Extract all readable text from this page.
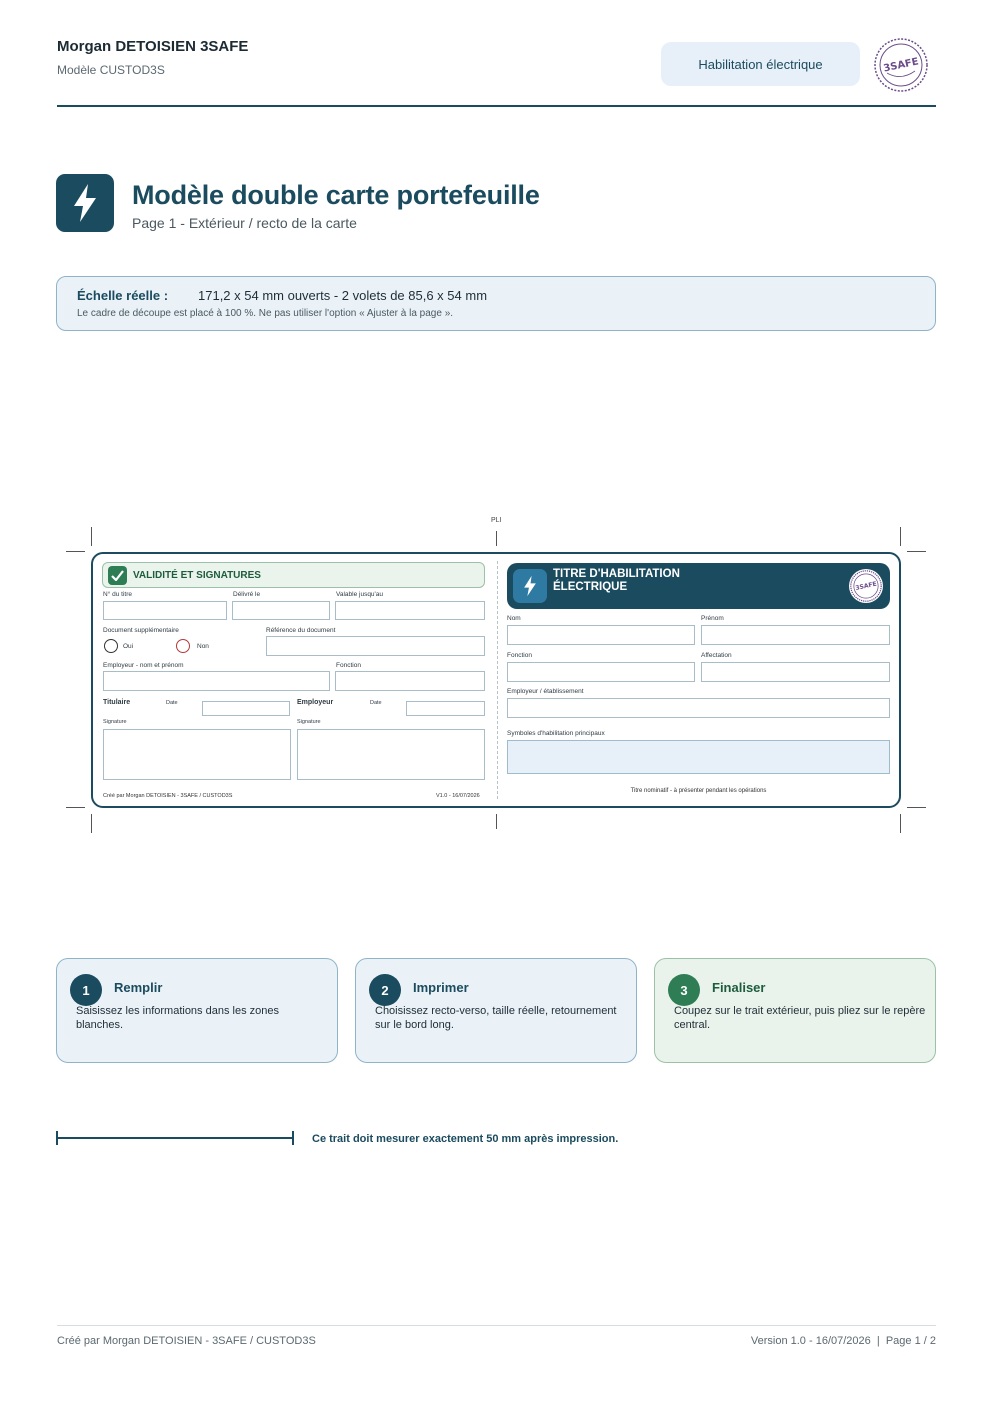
Morgan DETOISIEN 3SAFE
Modèle CUSTOD3S	Habilitation électrique	3SAFE
Modèle double carte portefeuille
Page 1 - Extérieur / recto de la carte
Échelle réelle : 171,2 x 54 mm ouverts - 2 volets de 85,6 x 54 mm
Le cadre de découpe est placé à 100 %. Ne pas utiliser l'option « Ajuster à la page ».
PLI
VALIDITÉ ET SIGNATURES
N° du titre	Délivré le	Valable jusqu'au
Document supplémentaire	Référence du document
Oui	Non
Employeur - nom et prénom	Fonction
Titulaire	Date	Employeur	Date
Signature	Signature
Créé par Morgan DETOISIEN - 3SAFE / CUSTOD3S	V1.0 - 16/07/2026
TITRE D'HABILITATION
ÉLECTRIQUE	3SAFE
Nom	Prénom
Fonction	Affectation
Employeur / établissement
Symboles d'habilitation principaux
Titre nominatif - à présenter pendant les opérations
1	Remplir
Saisissez les informations dans les zones blanches.
2	Imprimer
Choisissez recto-verso, taille réelle, retournement sur le bord long.
3	Finaliser
Coupez sur le trait extérieur, puis pliez sur le repère central.
Ce trait doit mesurer exactement 50 mm après impression.
Créé par Morgan DETOISIEN - 3SAFE / CUSTOD3S	Version 1.0 - 16/07/2026  |  Page 1 / 2
